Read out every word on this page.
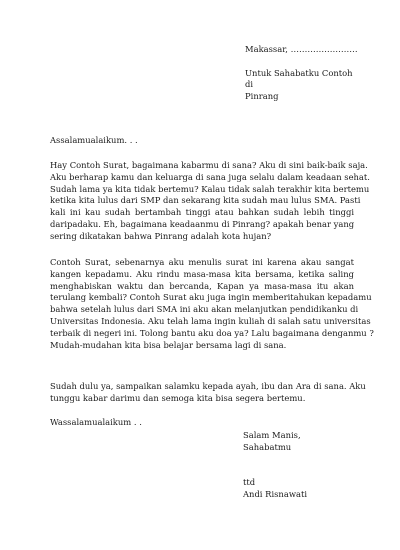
Makassar, ……………………
Untuk Sahabatku Contoh
di
Pinrang
Assalamualaikum. . .
Hay Contoh Surat, bagaimana kabarmu di sana? Aku di sini baik-baik saja.
Aku berharap kamu dan keluarga di sana juga selalu dalam keadaan sehat.
Sudah lama ya kita tidak bertemu? Kalau tidak salah terakhir kita bertemu
ketika kita lulus dari SMP dan sekarang kita sudah mau lulus SMA. Pasti
kali ini kau sudah bertambah tinggi atau bahkan sudah lebih tinggi
daripadaku. Eh, bagaimana keadaanmu di Pinrang? apakah benar yang
sering dikatakan bahwa Pinrang adalah kota hujan?
Contoh Surat, sebenarnya aku menulis surat ini karena akau sangat
kangen kepadamu. Aku rindu masa-masa kita bersama, ketika saling
menghabiskan waktu dan bercanda, Kapan ya masa-masa itu akan
terulang kembali? Contoh Surat aku juga ingin memberitahukan kepadamu
bahwa setelah lulus dari SMA ini aku akan melanjutkan pendidikanku di
Universitas Indonesia. Aku telah lama ingin kuliah di salah satu universitas
terbaik di negeri ini. Tolong bantu aku doa ya? Lalu bagaimana denganmu ?
Mudah-mudahan kita bisa belajar bersama lagi di sana.
Sudah dulu ya, sampaikan salamku kepada ayah, ibu dan Ara di sana. Aku
tunggu kabar darimu dan semoga kita bisa segera bertemu.
Wassalamualaikum . .
Salam Manis,
Sahabatmu
ttd
Andi Risnawati
